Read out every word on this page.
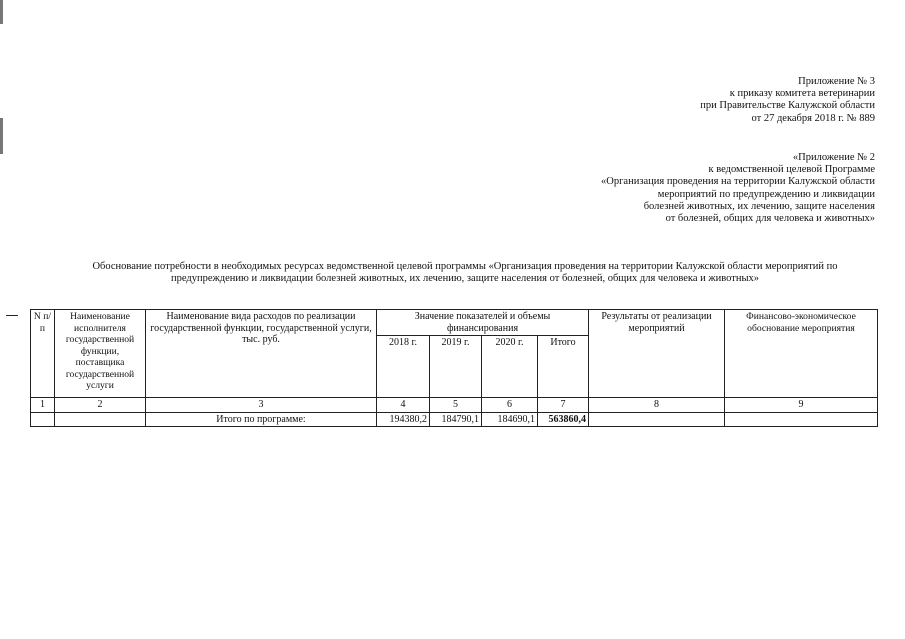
Приложение № 3
к приказу комитета ветеринарии
при Правительстве Калужской области
от 27 декабря 2018 г. № 889
«Приложение № 2
к ведомственной целевой Программе
«Организация проведения на территории Калужской области
мероприятий по предупреждению и ликвидации
болезней животных, их лечению, защите населения
от болезней, общих для человека и животных»
Обоснование потребности в необходимых ресурсах ведомственной целевой программы «Организация проведения на территории Калужской области мероприятий по
предупреждению и ликвидации болезней животных, их лечению, защите населения от болезней, общих для человека и животных»
N п/ п	Наименование исполнителя государственной функции, поставщика государственной услуги	Наименование вида расходов по реализации государственной функции, государственной услуги, тыс. руб.	Значение показателей и объемы финансирования				Результаты от реализации мероприятий	Финансово-экономическое обоснование мероприятия
			2018 г.	2019 г.	2020 г.	Итого		
1	2	3	4	5	6	7	8	9
		Итого по программе:	194380,2	184790,1	184690,1	563860,4		
